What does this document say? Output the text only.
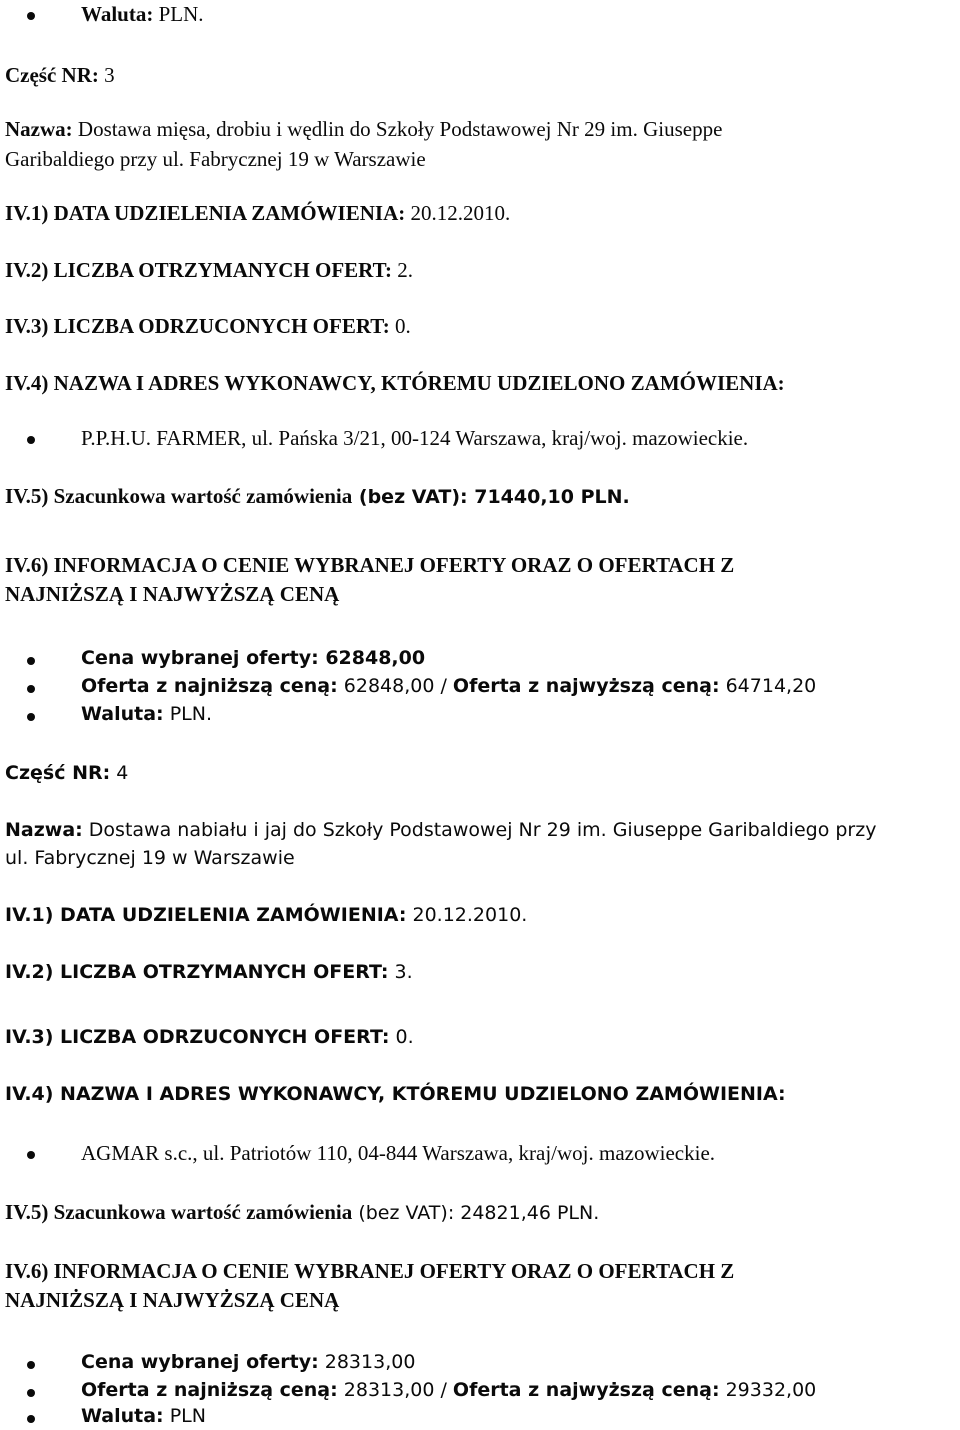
Waluta: PLN.
Część NR: 3
Nazwa: Dostawa mięsa, drobiu i wędlin do Szkoły Podstawowej Nr 29 im. Giuseppe
Garibaldiego przy ul. Fabrycznej 19 w Warszawie
IV.1) DATA UDZIELENIA ZAMÓWIENIA: 20.12.2010.
IV.2) LICZBA OTRZYMANYCH OFERT: 2.
IV.3) LICZBA ODRZUCONYCH OFERT: 0.
IV.4) NAZWA I ADRES WYKONAWCY, KTÓREMU UDZIELONO ZAMÓWIENIA:
P.P.H.U. FARMER, ul. Pańska 3/21, 00-124 Warszawa, kraj/woj. mazowieckie.
IV.5) Szacunkowa wartość zamówienia (bez VAT): 71440,10 PLN.
IV.6) INFORMACJA O CENIE WYBRANEJ OFERTY ORAZ O OFERTACH Z
NAJNIŻSZĄ I NAJWYŻSZĄ CENĄ
Cena wybranej oferty: 62848,00
Oferta z najniższą ceną: 62848,00 / Oferta z najwyższą ceną: 64714,20
Waluta: PLN.
Część NR: 4
Nazwa: Dostawa nabiału i jaj do Szkoły Podstawowej Nr 29 im. Giuseppe Garibaldiego przy
ul. Fabrycznej 19 w Warszawie
IV.1) DATA UDZIELENIA ZAMÓWIENIA: 20.12.2010.
IV.2) LICZBA OTRZYMANYCH OFERT: 3.
IV.3) LICZBA ODRZUCONYCH OFERT: 0.
IV.4) NAZWA I ADRES WYKONAWCY, KTÓREMU UDZIELONO ZAMÓWIENIA:
AGMAR s.c., ul. Patriotów 110, 04-844 Warszawa, kraj/woj. mazowieckie.
IV.5) Szacunkowa wartość zamówienia (bez VAT): 24821,46 PLN.
IV.6) INFORMACJA O CENIE WYBRANEJ OFERTY ORAZ O OFERTACH Z
NAJNIŻSZĄ I NAJWYŻSZĄ CENĄ
Cena wybranej oferty: 28313,00
Oferta z najniższą ceną: 28313,00 / Oferta z najwyższą ceną: 29332,00
Waluta: PLN
